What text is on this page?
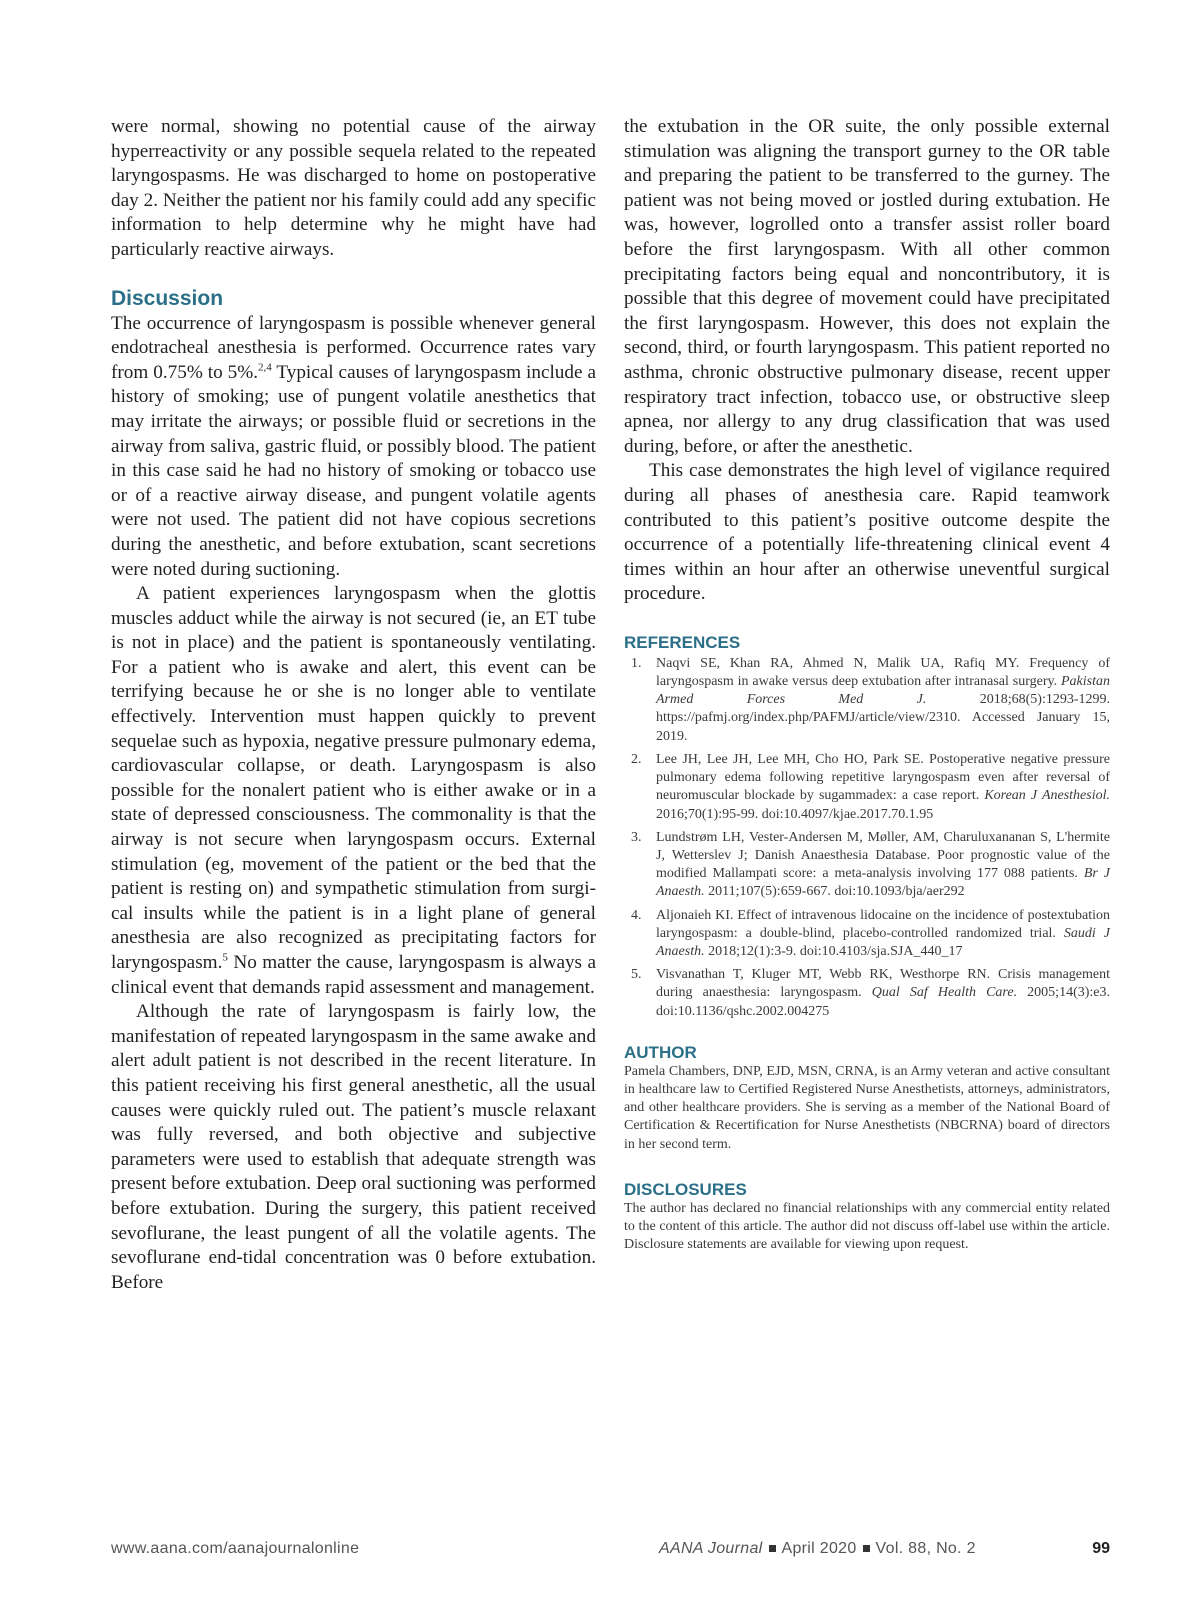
were normal, showing no potential cause of the airway hyperreactivity or any possible sequela related to the repeated laryngospasms. He was discharged to home on postoperative day 2. Neither the patient nor his family could add any specific information to help determine why he might have had particularly reactive airways.

Discussion

The occurrence of laryngospasm is possible whenever general endotracheal anesthesia is performed. Occurrence rates vary from 0.75% to 5%.$^{2,4}$ Typical causes of laryngospasm include a history of smoking; use of pungent volatile anesthetics that may irritate the airways; or possible fluid or secretions in the airway from saliva, gastric fluid, or possibly blood. The patient in this case said he had no history of smoking or tobacco use or of a reactive airway disease, and pungent volatile agents were not used. The patient did not have copious secretions during the anesthetic, and before extubation, scant secretions were noted during suctioning.

A patient experiences laryngospasm when the glottis muscles adduct while the airway is not secured (ie, an ET tube is not in place) and the patient is spontaneously ventilating. For a patient who is awake and alert, this event can be terrifying because he or she is no longer able to ventilate effectively. Intervention must happen quickly to prevent sequelae such as hypoxia, negative pressure pulmonary edema, cardiovascular collapse, or death. Laryngospasm is also possible for the nonalert patient who is either awake or in a state of depressed consciousness. The commonality is that the airway is not secure when laryngospasm occurs. External stimulation (eg, movement of the patient or the bed that the patient is resting on) and sympathetic stimulation from surgical insults while the patient is in a light plane of general anesthesia are also recognized as precipitating factors for laryngospasm.$^5$ No matter the cause, laryngospasm is always a clinical event that demands rapid assessment and management.

Although the rate of laryngospasm is fairly low, the manifestation of repeated laryngospasm in the same awake and alert adult patient is not described in the recent literature. In this patient receiving his first general anesthetic, all the usual causes were quickly ruled out. The patient’s muscle relaxant was fully reversed, and both objective and subjective parameters were used to establish that adequate strength was present before extubation. Deep oral suctioning was performed before extubation. During the surgery, this patient received sevoflurane, the least pungent of all the volatile agents. The sevoflurane end-tidal concentration was 0 before extubation. Before

the extubation in the OR suite, the only possible external stimulation was aligning the transport gurney to the OR table and preparing the patient to be transferred to the gurney. The patient was not being moved or jostled during extubation. He was, however, logrolled onto a transfer assist roller board before the first laryngospasm. With all other common precipitating factors being equal and noncontributory, it is possible that this degree of movement could have precipitated the first laryngospasm. However, this does not explain the second, third, or fourth laryngospasm. This patient reported no asthma, chronic obstructive pulmonary disease, recent upper respiratory tract infection, tobacco use, or obstructive sleep apnea, nor allergy to any drug classification that was used during, before, or after the anesthetic.

This case demonstrates the high level of vigilance required during all phases of anesthesia care. Rapid teamwork contributed to this patient’s positive outcome despite the occurrence of a potentially life-threatening clinical event 4 times within an hour after an otherwise uneventful surgical procedure.

REFERENCES
1.	Naqvi SE, Khan RA, Ahmed N, Malik UA, Rafiq MY. Frequency of laryngospasm in awake versus deep extubation after intranasal surgery. Pakistan Armed Forces Med J. 2018;68(5):1293-1299. https://pafmj.org/index.php/PAFMJ/article/view/2310. Accessed January 15, 2019.
2.	Lee JH, Lee JH, Lee MH, Cho HO, Park SE. Postoperative negative pressure pulmonary edema following repetitive laryngospasm even after reversal of neuromuscular blockade by sugammadex: a case report. Korean J Anesthesiol. 2016;70(1):95-99. doi:10.4097/kjae.2017.70.1.95
3.	Lundstrøm LH, Vester-Andersen M, Møller, AM, Charuluxananan S, L'hermite J, Wetterslev J; Danish Anaesthesia Database. Poor prognostic value of the modified Mallampati score: a meta-analysis involving 177 088 patients. Br J Anaesth. 2011;107(5):659-667. doi:10.1093/bja/aer292
4.	Aljonaieh KI. Effect of intravenous lidocaine on the incidence of postextubation laryngospasm: a double-blind, placebo-controlled randomized trial. Saudi J Anaesth. 2018;12(1):3-9. doi:10.4103/sja.SJA_440_17
5.	Visvanathan T, Kluger MT, Webb RK, Westhorpe RN. Crisis management during anaesthesia: laryngospasm. Qual Saf Health Care. 2005;14(3):e3. doi:10.1136/qshc.2002.004275
AUTHOR

Pamela Chambers, DNP, EJD, MSN, CRNA, is an Army veteran and active consultant in healthcare law to Certified Registered Nurse Anesthetists, attorneys, administrators, and other healthcare providers. She is serving as a member of the National Board of Certification & Recertification for Nurse Anesthetists (NBCRNA) board of directors in her second term.

DISCLOSURES

The author has declared no financial relationships with any commercial entity related to the content of this article. The author did not discuss off-label use within the article. Disclosure statements are available for viewing upon request.

www.aana.com/aanajournalonline	AANA Journal April 2020 Vol. 88, No. 2	99
